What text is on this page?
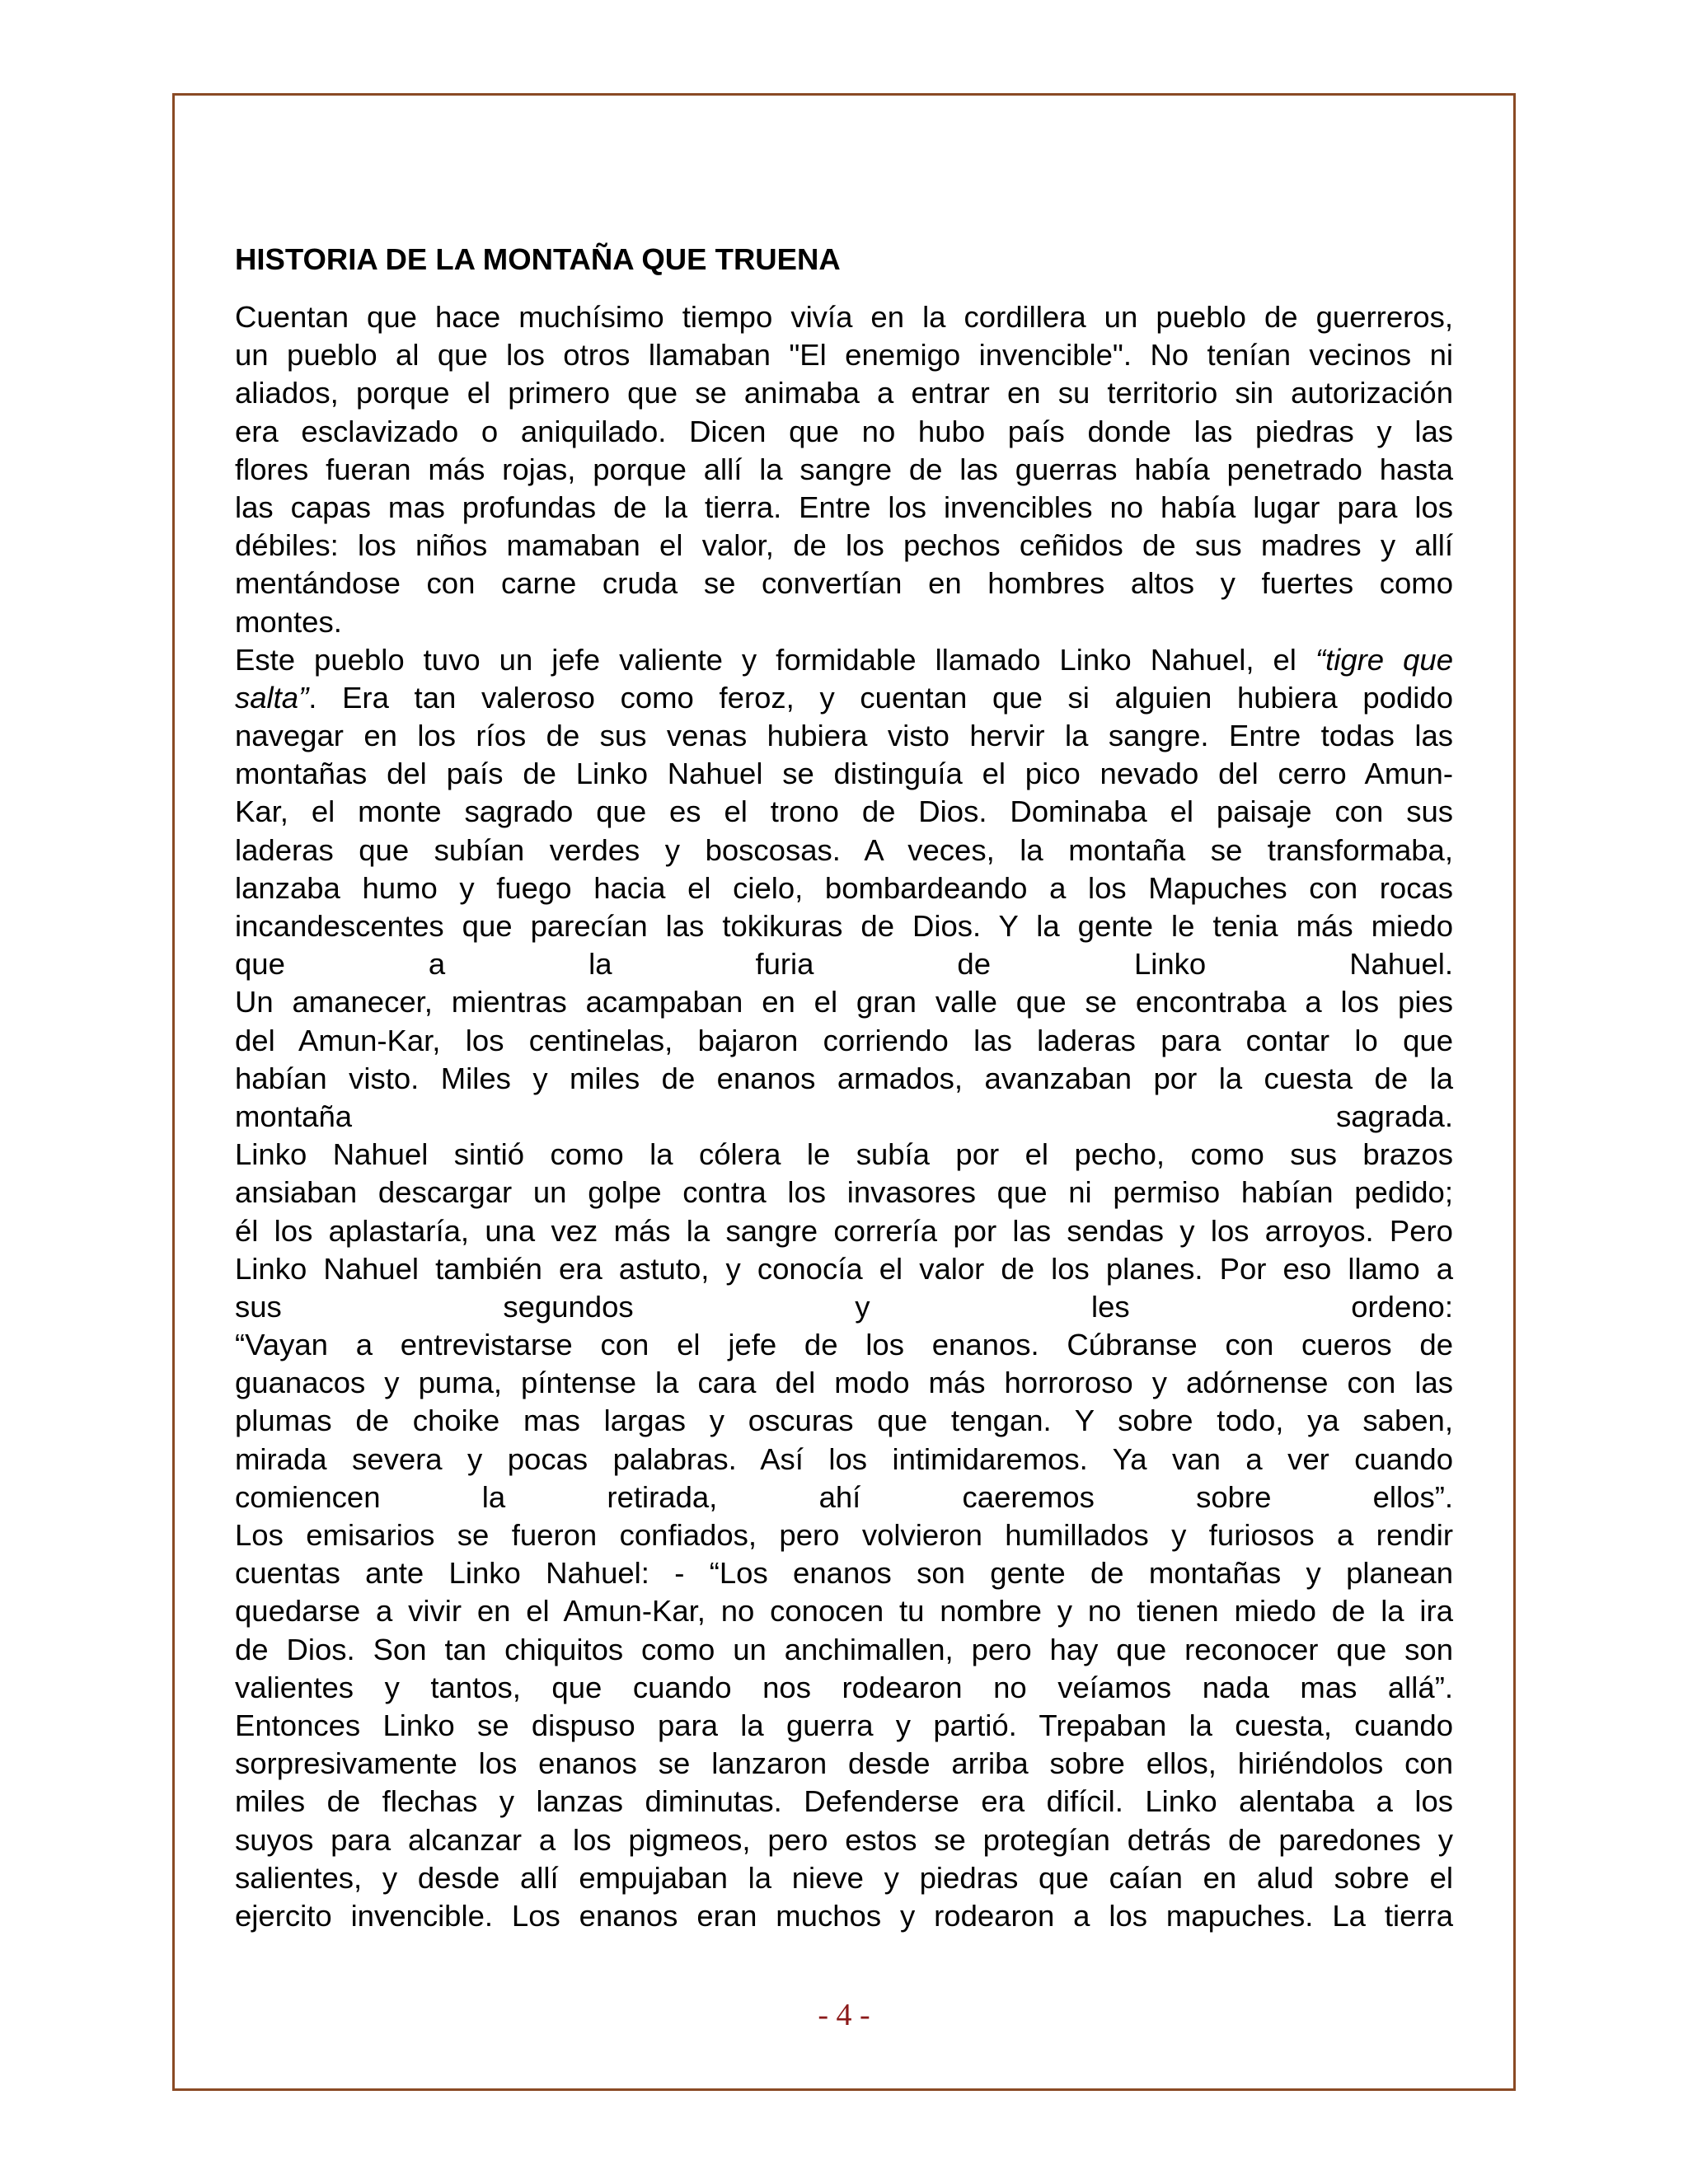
HISTORIA DE LA MONTAÑA QUE TRUENA
Cuentan que hace muchísimo tiempo vivía en la cordillera un pueblo de guerreros,
un pueblo al que los otros llamaban "El enemigo invencible". No tenían vecinos ni
aliados, porque el primero que se animaba a entrar en su territorio sin autorización
era esclavizado o aniquilado. Dicen que no hubo país donde las piedras y las
flores fueran más rojas, porque allí la sangre de las guerras había penetrado hasta
las capas mas profundas de la tierra. Entre los invencibles no había lugar para los
débiles: los niños mamaban el valor, de los pechos ceñidos de sus madres y allí
mentándose con carne cruda se convertían en hombres altos y fuertes como
montes.
Este pueblo tuvo un jefe valiente y formidable llamado Linko Nahuel, el “tigre que
salta”. Era tan valeroso como feroz, y cuentan que si alguien hubiera podido
navegar en los ríos de sus venas hubiera visto hervir la sangre. Entre todas las
montañas del país de Linko Nahuel se distinguía el pico nevado del cerro Amun-
Kar, el monte sagrado que es el trono de Dios. Dominaba el paisaje con sus
laderas que subían verdes y boscosas. A veces, la montaña se transformaba,
lanzaba humo y fuego hacia el cielo, bombardeando a los Mapuches con rocas
incandescentes que parecían las tokikuras de Dios. Y la gente le tenia más miedo
que a la furia de Linko Nahuel.
Un amanecer, mientras acampaban en el gran valle que se encontraba a los pies
del Amun-Kar, los centinelas, bajaron corriendo las laderas para contar lo que
habían visto. Miles y miles de enanos armados, avanzaban por la cuesta de la
montaña sagrada.
Linko Nahuel sintió como la cólera le subía por el pecho, como sus brazos
ansiaban descargar un golpe contra los invasores que ni permiso habían pedido;
él los aplastaría, una vez más la sangre correría por las sendas y los arroyos. Pero
Linko Nahuel también era astuto, y conocía el valor de los planes. Por eso llamo a
sus segundos y les ordeno:
“Vayan a entrevistarse con el jefe de los enanos. Cúbranse con cueros de
guanacos y puma, píntense la cara del modo más horroroso y adórnense con las
plumas de choike mas largas y oscuras que tengan. Y sobre todo, ya saben,
mirada severa y pocas palabras. Así los intimidaremos. Ya van a ver cuando
comiencen la retirada, ahí caeremos sobre ellos”.
Los emisarios se fueron confiados, pero volvieron humillados y furiosos a rendir
cuentas ante Linko Nahuel: - “Los enanos son gente de montañas y planean
quedarse a vivir en el Amun-Kar, no conocen tu nombre y no tienen miedo de la ira
de Dios. Son tan chiquitos como un anchimallen, pero hay que reconocer que son
valientes y tantos, que cuando nos rodearon no veíamos nada mas allá”.
Entonces Linko se dispuso para la guerra y partió. Trepaban la cuesta, cuando
sorpresivamente los enanos se lanzaron desde arriba sobre ellos, hiriéndolos con
miles de flechas y lanzas diminutas. Defenderse era difícil. Linko alentaba a los
suyos para alcanzar a los pigmeos, pero estos se protegían detrás de paredones y
salientes, y desde allí empujaban la nieve y piedras que caían en alud sobre el
ejercito invencible. Los enanos eran muchos y rodearon a los mapuches. La tierra
- 4 -
